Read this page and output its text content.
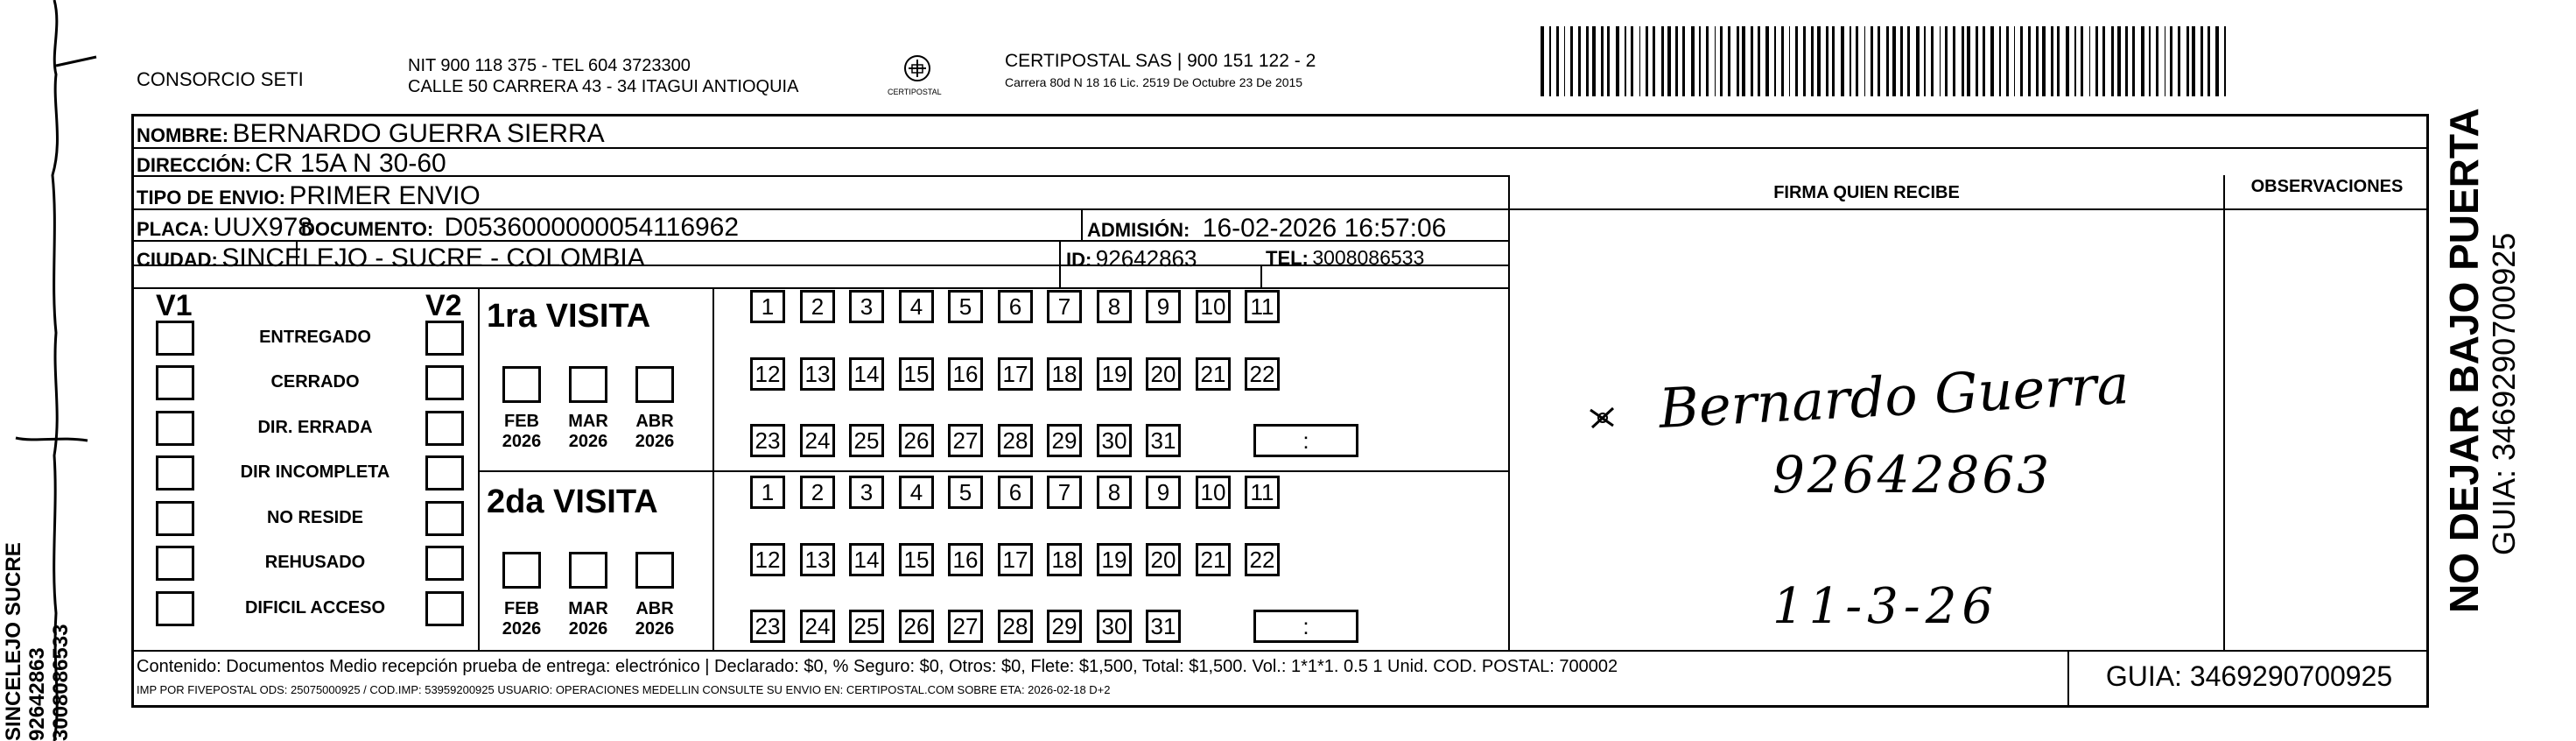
SINCELEJO SUCRE 92642863 3008086533
CONSORCIO SETI
NIT 900 118 375 - TEL 604 3723300
CALLE 50 CARRERA 43 - 34 ITAGUI ANTIOQUIA	CERTIPOSTAL
CERTIPOSTAL SAS | 900 151 122 - 2
Carrera 80d N 18 16 Lic. 2519 De Octubre 23 De 2015
NOMBRE: BERNARDO GUERRA SIERRA
DIRECCIÓN: CR 15A N 30-60
TIPO DE ENVIO: PRIMER ENVIO
PLACA: UUX978
DOCUMENTO: D0536000000054116962	ADMISIÓN: 16-02-2026 16:57:06
CIUDAD: SINCELEJO - SUCRE - COLOMBIA	ID: 92642863	TEL: 3008086533
V1	V2
ENTREGADO
CERRADO
DIR. ERRADA
DIR INCOMPLETA
NO RESIDE
REHUSADO
DIFICIL ACCESO
1ra VISITA
2da VISITA
FEB
2026
MAR
2026
ABR
2026
FEB
2026
MAR
2026
ABR
2026
1	2	3	4	5	6	7	8	9	10 11
12 13 14 15 16 17 18 19 20 21 22
23 24 25 26 27 28 29 30 31	:
1	2	3	4	5	6	7	8	9	10 11
12 13 14 15 16 17 18 19 20 21 22
23 24 25 26 27 28 29 30 31	:
FIRMA QUIEN RECIBE	OBSERVACIONES
Bernardo Guerra
92642863
11-3-26
Contenido: Documentos Medio recepción prueba de entrega: electrónico | Declarado: $0, % Seguro: $0, Otros: $0, Flete: $1,500, Total: $1,500. Vol.: 1*1*1. 0.5 1 Unid. COD. POSTAL: 700002
IMP POR FIVEPOSTAL ODS: 25075000925 / COD.IMP: 53959200925 USUARIO: OPERACIONES MEDELLIN CONSULTE SU ENVIO EN: CERTIPOSTAL.COM SOBRE ETA: 2026-02-18 D+2	GUIA: 3469290700925
NO DEJAR BAJO PUERTA GUIA: 3469290700925
